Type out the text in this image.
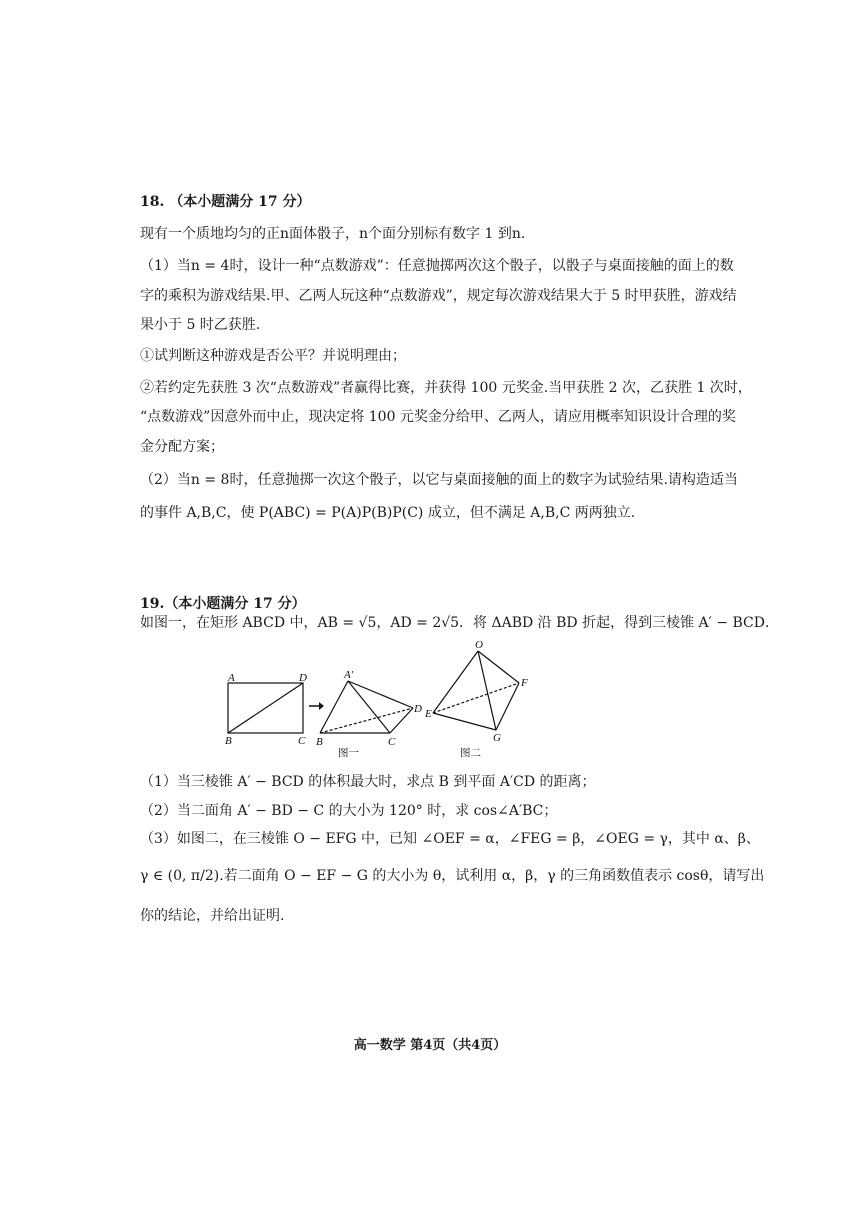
18. （本小题满分 17 分）
现有一个质地均匀的正n面体骰子，n个面分别标有数字 1 到n.
（1）当n = 4时，设计一种“点数游戏”：任意抛掷两次这个骰子，以骰子与桌面接触的面上的数
字的乘积为游戏结果.甲、乙两人玩这种“点数游戏”，规定每次游戏结果大于 5 时甲获胜，游戏结
果小于 5 时乙获胜.
①试判断这种游戏是否公平？并说明理由；
②若约定先获胜 3 次“点数游戏”者赢得比赛，并获得 100 元奖金.当甲获胜 2 次，乙获胜 1 次时，
“点数游戏”因意外而中止，现决定将 100 元奖金分给甲、乙两人，请应用概率知识设计合理的奖
金分配方案；
（2）当n = 8时，任意抛掷一次这个骰子，以它与桌面接触的面上的数字为试验结果.请构造适当
的事件 A,B,C，使 P(ABC) = P(A)P(B)P(C) 成立，但不满足 A,B,C 两两独立.
19.（本小题满分 17 分）
如图一，在矩形 ABCD 中，AB = √5，AD = 2√5．将 ΔABD 沿 BD 折起，得到三棱锥 A′ − BCD．
A	D
B	C
A′
B	C
D
图一
O
E
F
G
图二
（1）当三棱锥 A′ − BCD 的体积最大时，求点 B 到平面 A′CD 的距离；
（2）当二面角 A′ − BD − C 的大小为 120° 时，求 cos∠A′BC；
（3）如图二，在三棱锥 O − EFG 中，已知 ∠OEF = α，∠FEG = β，∠OEG = γ，其中 α、β、
γ ∈ (0, π/2).若二面角 O − EF − G 的大小为 θ，试利用 α，β，γ 的三角函数值表示 cosθ，请写出
你的结论，并给出证明.
高一数学 第4页（共4页）
